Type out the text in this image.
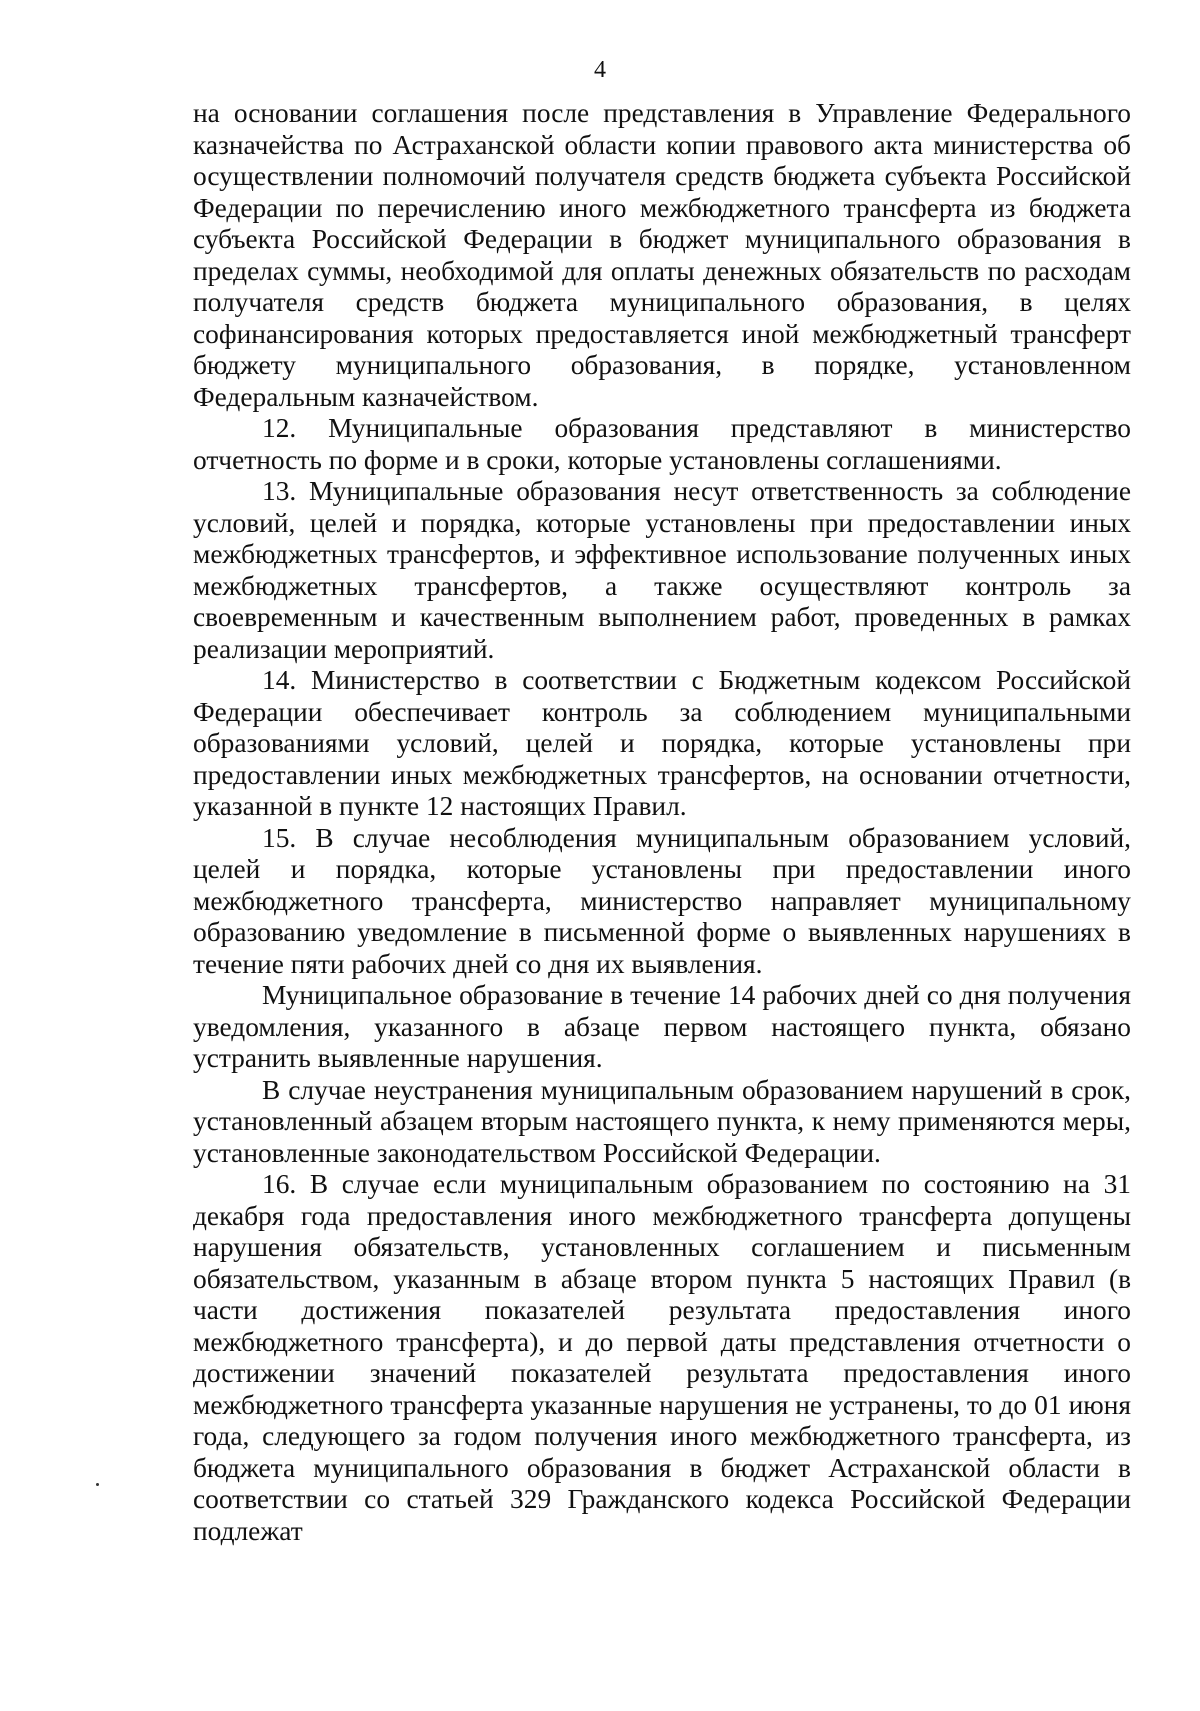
4

на основании соглашения после представления в Управление Федерального казначейства по Астраханской области копии правового акта министерства об осуществлении полномочий получателя средств бюджета субъекта Российской Федерации по перечислению иного межбюджетного трансферта из бюджета субъекта Российской Федерации в бюджет муниципального образования в пределах суммы, необходимой для оплаты денежных обязательств по расходам получателя средств бюджета муниципального образования, в целях софинансирования которых предоставляется иной межбюджетный трансферт бюджету муниципального образования, в порядке, установленном Федеральным казначейством.

12. Муниципальные образования представляют в министерство отчетность по форме и в сроки, которые установлены соглашениями.

13. Муниципальные образования несут ответственность за соблюдение условий, целей и порядка, которые установлены при предоставлении иных межбюджетных трансфертов, и эффективное использование полученных иных межбюджетных трансфертов, а также осуществляют контроль за своевременным и качественным выполнением работ, проведенных в рамках реализации мероприятий.

14. Министерство в соответствии с Бюджетным кодексом Российской Федерации обеспечивает контроль за соблюдением муниципальными образованиями условий, целей и порядка, которые установлены при предоставлении иных межбюджетных трансфертов, на основании отчетности, указанной в пункте 12 настоящих Правил.

15. В случае несоблюдения муниципальным образованием условий, целей и порядка, которые установлены при предоставлении иного межбюджетного трансферта, министерство направляет муниципальному образованию уведомление в письменной форме о выявленных нарушениях в течение пяти рабочих дней со дня их выявления.

Муниципальное образование в течение 14 рабочих дней со дня получения уведомления, указанного в абзаце первом настоящего пункта, обязано устранить выявленные нарушения.

В случае неустранения муниципальным образованием нарушений в срок, установленный абзацем вторым настоящего пункта, к нему применяются меры, установленные законодательством Российской Федерации.

16. В случае если муниципальным образованием по состоянию на 31 декабря года предоставления иного межбюджетного трансферта допущены нарушения обязательств, установленных соглашением и письменным обязательством, указанным в абзаце втором пункта 5 настоящих Правил (в части достижения показателей результата предоставления иного межбюджетного трансферта), и до первой даты представления отчетности о достижении значений показателей результата предоставления иного межбюджетного трансферта указанные нарушения не устранены, то до 01 июня года, следующего за годом получения иного межбюджетного трансферта, из бюджета муниципального образования в бюджет Астраханской области в соответствии со статьей 329 Гражданского кодекса Российской Федерации подлежат
